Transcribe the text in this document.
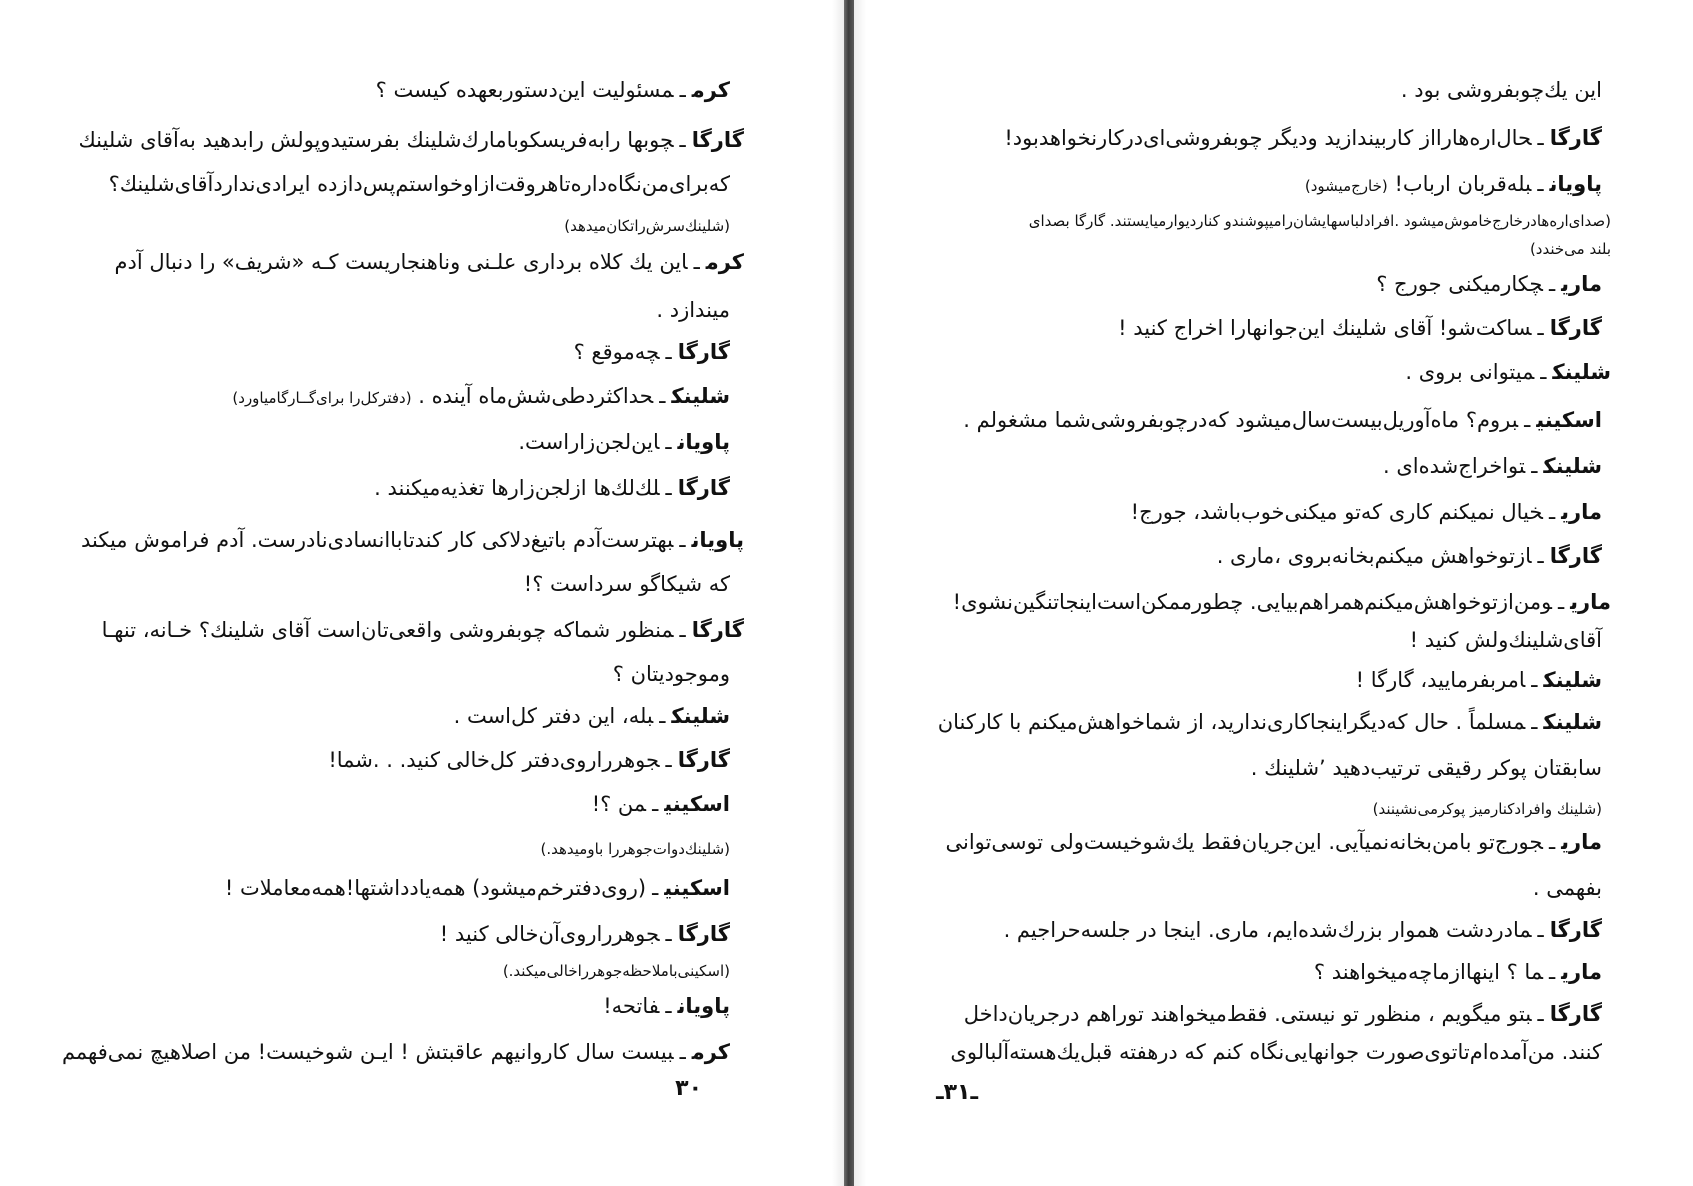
کرمـمسئولیت این‌دستور‌بعهده کیست ؟
گارگاـچوبها رابه‌فریسکوبامارك‌شلینك بفرستیدو‌پولش رابدهید به‌آقای شلینك
که‌برای‌من‌نگاه‌داره‌تاهروقت‌ازاوخواستم‌پس‌دازده ایرادی‌ندارد‌آقای‌شلینك؟
(شلینك‌سرش‌را‌تکان‌میدهد)
کرمـاین یك کلاه برداری علـنی وناهنجاریست کـه «شریف» را دنبال آدم
میندازد .
گارگاـچه‌موقع ؟
شلینكـحداکثر‌دطی‌شش‌ماه آینده . (دفتر‌کل‌را برای‌گــارگا‌میاورد)
پاویانـاین‌لجن‌زاراست.
گارگاـلك‌لك‌ها ازلجن‌زارها تغذیه‌میکنند .
پاویانـبهترست‌آدم باتیغ‌دلاکی کار کندتاباانسادی‌نادرست. آدم فراموش میکند
که شیکاگو سرداست ؟!
گارگاـمنظور شماکه چوبفروشی واقعی‌تان‌است آقای شلینك؟ خـانه، تنهـا
وموجودیتان ؟
شلینكـبله، این دفتر کل‌است .
گارگاـجوهر‌راروی‌دفتر کل‌خالی کنید. . .شما!
اسکینیـمن ؟!
(شلینك‌دوات‌جوهر‌را باو‌میدهد.)
اسکینیـ(روی‌دفتر‌خم‌میشود) همه‌یادداشتها!همه‌معاملات !
گارگاـجوهر‌راروی‌آن‌خالی کنید !
(اسکینی‌با‌ملاحظه‌جوهر‌را‌خالی‌میکند.)
پاویانـفاتحه!
کرمـبیست سال کاروانیهم عاقبتش ! ایـن شوخیست! من اصلاهیچ نمی‌فهمم
۳۰
این یك‌چوبفروشی بود .
گارگاـحال‌اره‌هارااز کاربیندازید ودیگر چوبفروشی‌ای‌در‌کار‌نخواهدبود!
پاویانـبله‌قربان ارباب! (خارج‌میشود)
(صدای‌اره‌ها‌در‌خارج‌خاموش‌میشود .افراد‌لباسهایشان‌را‌میپوشند‌و کنار‌دیوار‌میایستند. گارگا بصدای
بلند می‌خندد)
ماریـچکارمیکنی جورج ؟
گارگاـساکت‌شو! آقای شلینك این‌جوانهارا اخراج کنید !
شلینكـمیتوانی بروی .
اسکینیـبروم؟ ماه‌آوریل‌بیست‌سال‌میشود که‌در‌چوبفروشی‌شما مشغولم .
شلینكـتواخراج‌شده‌ای .
ماریـخیال نمیکنم کاری که‌تو میکنی‌خوب‌باشد، جورج!
گارگاـازتوخواهش میکنم‌بخانه‌بروی ،ماری .
ماریـومن‌ازتوخواهش‌میکنم‌همراهم‌بیایی. چطورممکن‌است‌اینجا‌تنگین‌نشوی!
آقای‌شلینك‌ولش کنید !
شلینكـامر‌بفرمایید، گارگا !
شلینكـمسلماً . حال که‌دیگر‌اینجاکاری‌ندارید، از شماخواهش‌میکنم با کارکنان
سابقتان پوکر رقیقی ترتیب‌دهید ٬شلینك .
(شلینك وافرادکنار‌میز پوکر‌می‌نشینند)
ماریـجورج‌تو بامن‌بخانه‌نمیآیی. این‌جریان‌فقط یك‌شوخیست‌ولی توسی‌توانی
بفهمی .
گارگاـمادردشت هموار بزرك‌شده‌ایم، ماری. اینجا در جلسه‌حراجیم .
ماریـما ؟ اینهاازما‌چه‌میخواهند ؟
گارگاـبتو میگویم ، منظور تو نیستی. فقط‌میخواهند توراهم درجریان‌داخل
کنند. من‌آمده‌ام‌تاتوی‌صورت جوانهایی‌نگاه کنم که درهفته قبل‌یك‌هسته‌آلبالوی
ـ۳۱ـ
